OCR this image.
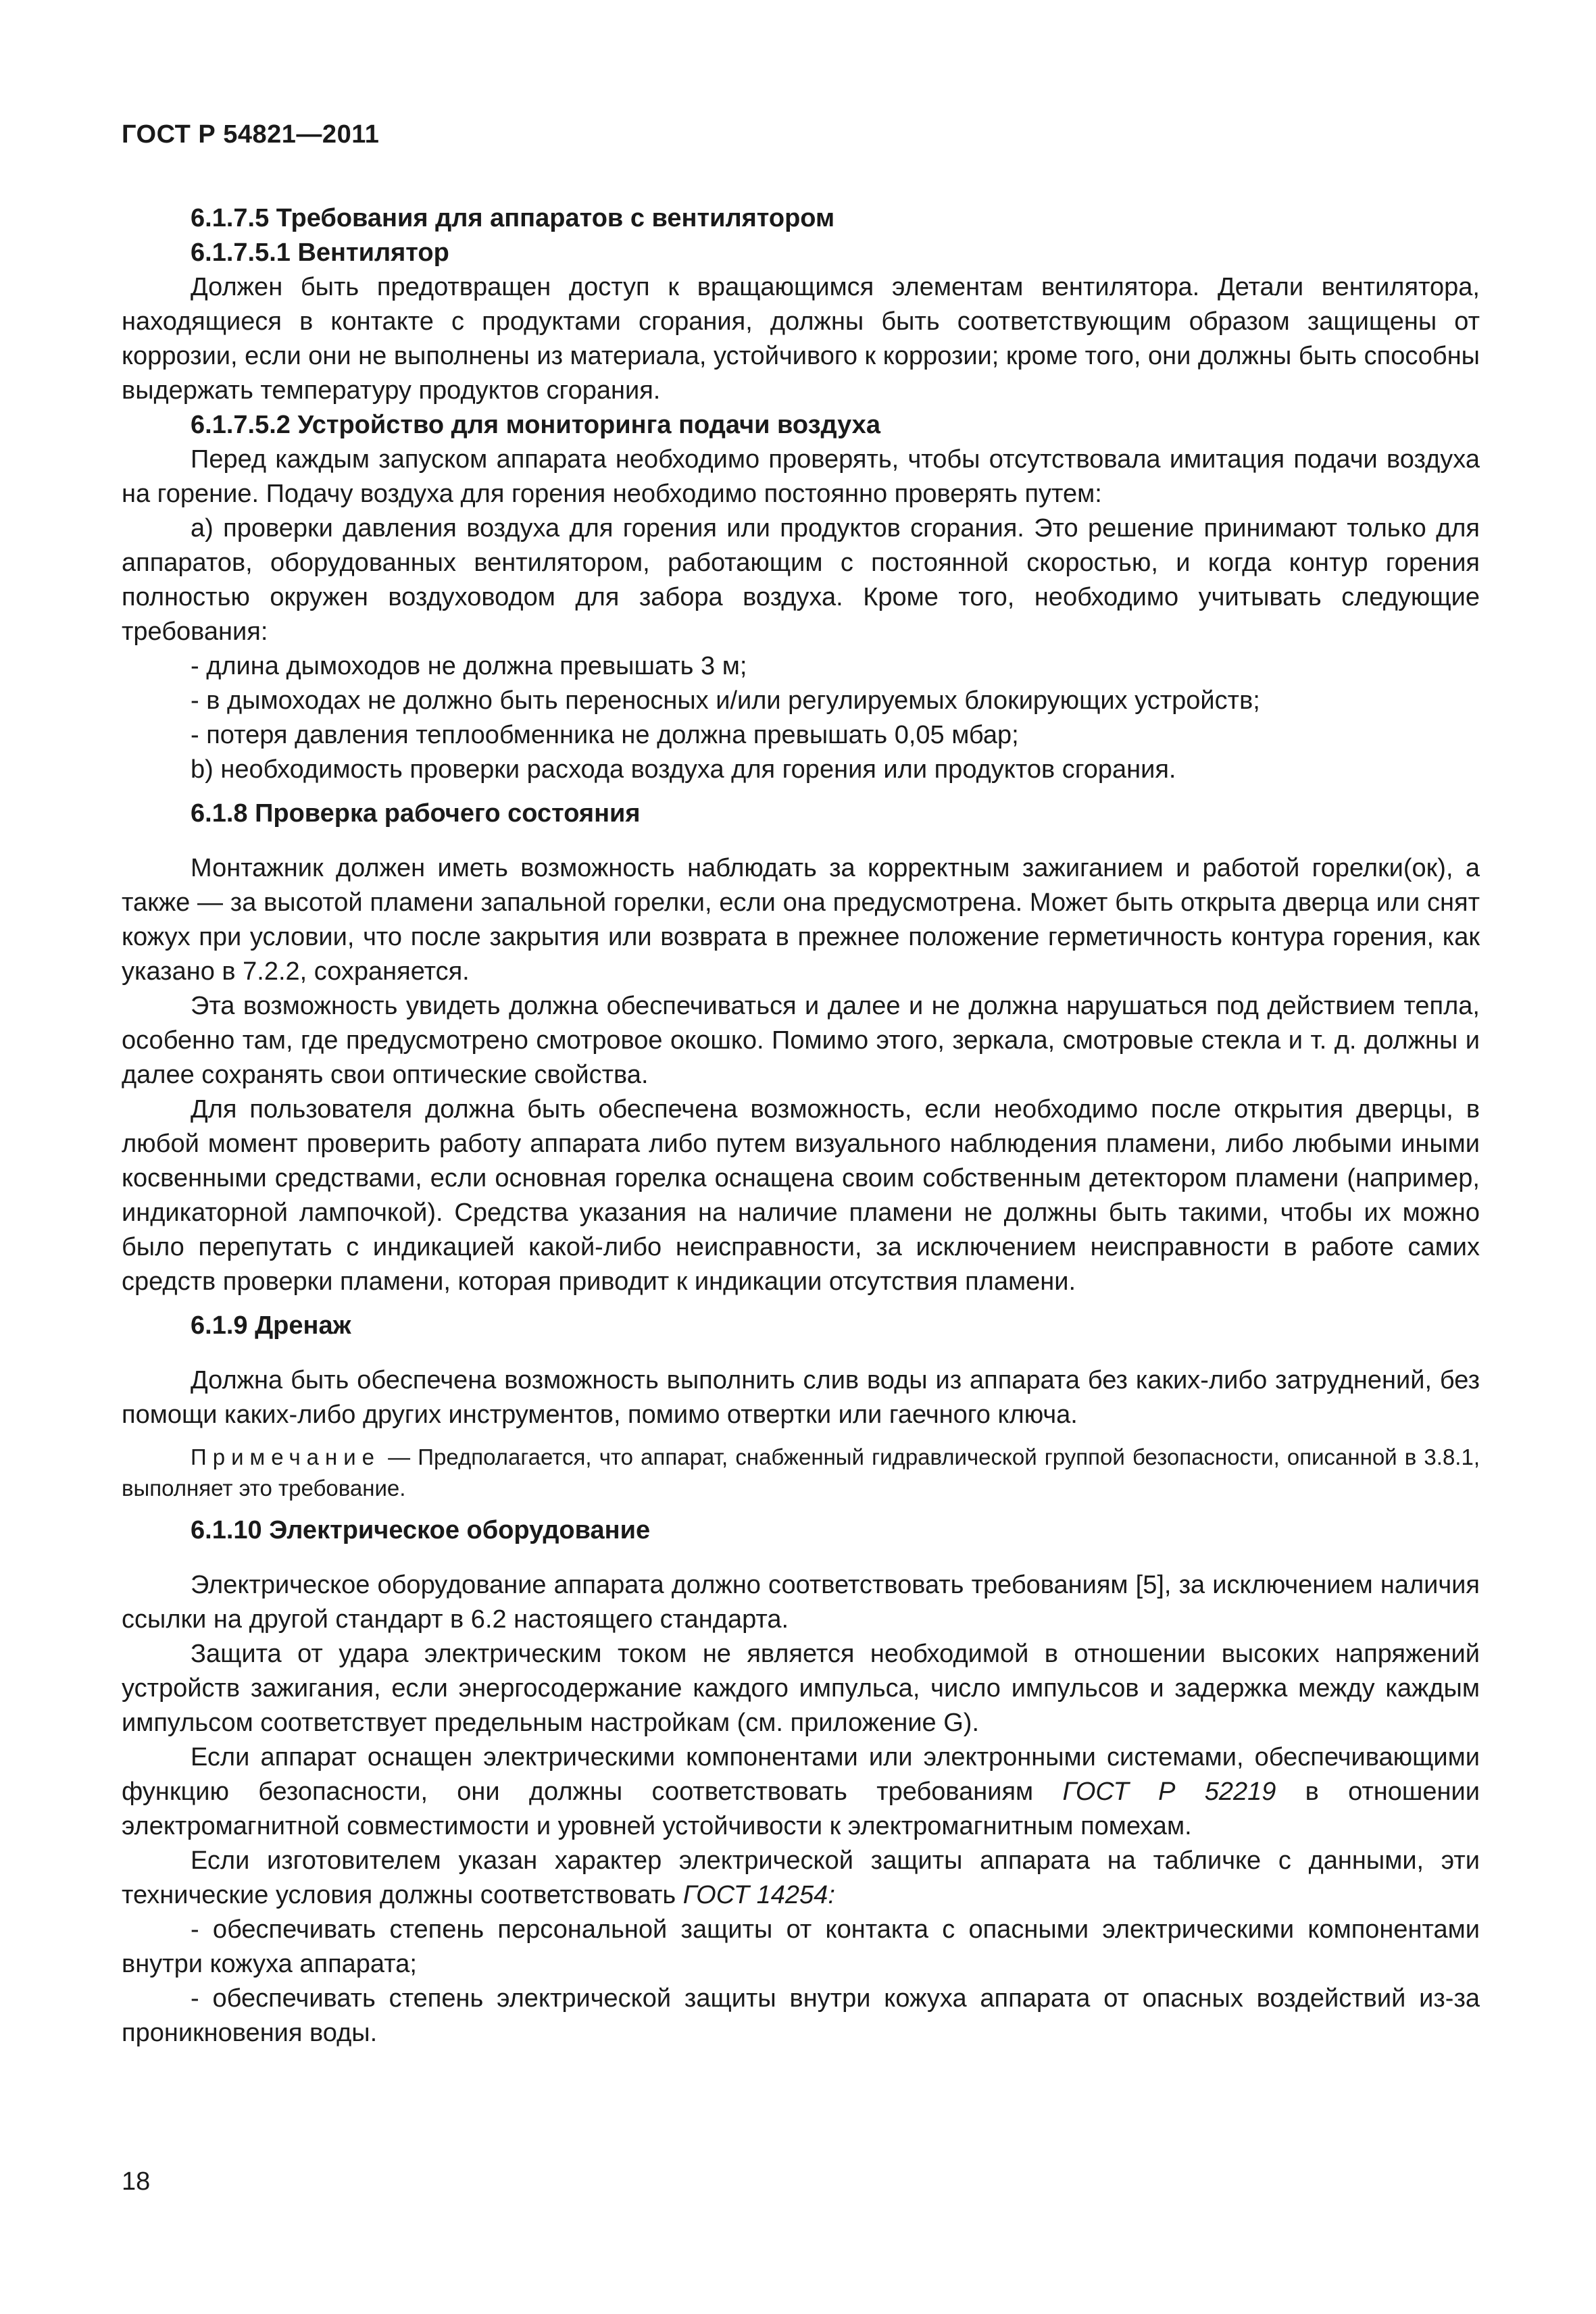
ГОСТ Р 54821—2011

6.1.7.5 Требования для аппаратов с вентилятором

6.1.7.5.1 Вентилятор

Должен быть предотвращен доступ к вращающимся элементам вентилятора. Детали вентилятора, находящиеся в контакте с продуктами сгорания, должны быть соответствующим образом защищены от коррозии, если они не выполнены из материала, устойчивого к коррозии; кроме того, они должны быть способны выдержать температуру продуктов сгорания.

6.1.7.5.2 Устройство для мониторинга подачи воздуха

Перед каждым запуском аппарата необходимо проверять, чтобы отсутствовала имитация подачи воздуха на горение. Подачу воздуха для горения необходимо постоянно проверять путем:

а) проверки давления воздуха для горения или продуктов сгорания. Это решение принимают только для аппаратов, оборудованных вентилятором, работающим с постоянной скоростью, и когда контур горения полностью окружен воздуховодом для забора воздуха. Кроме того, необходимо учитывать следующие требования:

- длина дымоходов не должна превышать 3 м;

- в дымоходах не должно быть переносных и/или регулируемых блокирующих устройств;

- потеря давления теплообменника не должна превышать 0,05 мбар;

b) необходимость проверки расхода воздуха для горения или продуктов сгорания.

6.1.8 Проверка рабочего состояния

Монтажник должен иметь возможность наблюдать за корректным зажиганием и работой горелки(ок), а также — за высотой пламени запальной горелки, если она предусмотрена. Может быть открыта дверца или снят кожух при условии, что после закрытия или возврата в прежнее положение герметичность контура горения, как указано в 7.2.2, сохраняется.

Эта возможность увидеть должна обеспечиваться и далее и не должна нарушаться под действием тепла, особенно там, где предусмотрено смотровое окошко. Помимо этого, зеркала, смотровые стекла и т. д. должны и далее сохранять свои оптические свойства.

Для пользователя должна быть обеспечена возможность, если необходимо после открытия дверцы, в любой момент проверить работу аппарата либо путем визуального наблюдения пламени, либо любыми иными косвенными средствами, если основная горелка оснащена своим собственным детектором пламени (например, индикаторной лампочкой). Средства указания на наличие пламени не должны быть такими, чтобы их можно было перепутать с индикацией какой-либо неисправности, за исключением неисправности в работе самих средств проверки пламени, которая приводит к индикации отсутствия пламени.

6.1.9 Дренаж

Должна быть обеспечена возможность выполнить слив воды из аппарата без каких-либо затруднений, без помощи каких-либо других инструментов, помимо отвертки или гаечного ключа.

Примечание — Предполагается, что аппарат, снабженный гидравлической группой безопасности, описанной в 3.8.1, выполняет это требование.

6.1.10 Электрическое оборудование

Электрическое оборудование аппарата должно соответствовать требованиям [5], за исключением наличия ссылки на другой стандарт в 6.2 настоящего стандарта.

Защита от удара электрическим током не является необходимой в отношении высоких напряжений устройств зажигания, если энергосодержание каждого импульса, число импульсов и задержка между каждым импульсом соответствует предельным настройкам (см. приложение G).

Если аппарат оснащен электрическими компонентами или электронными системами, обеспечивающими функцию безопасности, они должны соответствовать требованиям ГОСТ Р 52219 в отношении электромагнитной совместимости и уровней устойчивости к электромагнитным помехам.

Если изготовителем указан характер электрической защиты аппарата на табличке с данными, эти технические условия должны соответствовать ГОСТ 14254:

- обеспечивать степень персональной защиты от контакта с опасными электрическими компонентами внутри кожуха аппарата;

- обеспечивать степень электрической защиты внутри кожуха аппарата от опасных воздействий из-за проникновения воды.

18
